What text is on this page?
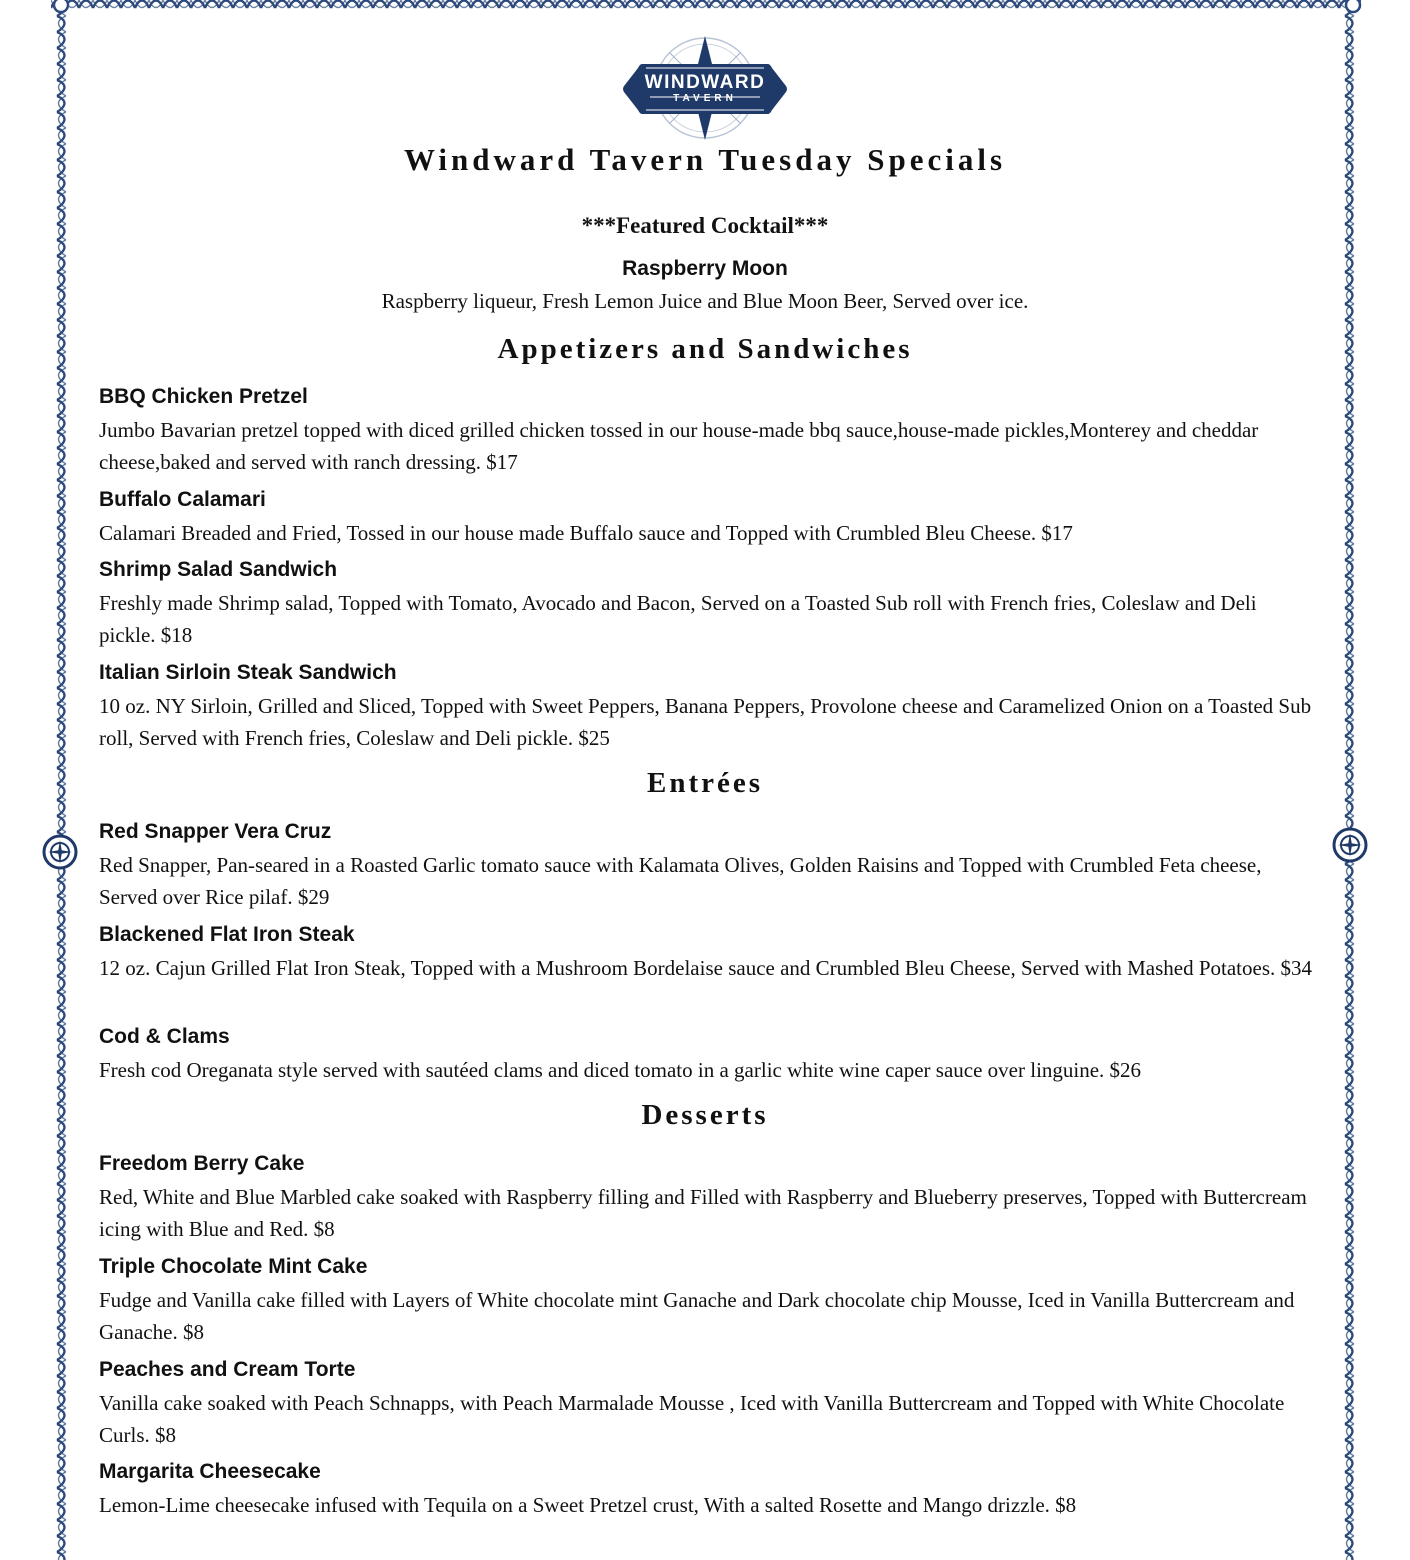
WINDWARD
TAVERN
Windward Tavern Tuesday Specials
***Featured Cocktail***
Raspberry Moon
Raspberry liqueur, Fresh Lemon Juice and Blue Moon Beer, Served over ice.
Appetizers and Sandwiches
BBQ Chicken Pretzel
Jumbo Bavarian pretzel topped with diced grilled chicken tossed in our house-made bbq sauce,house-made pickles,Monterey and cheddar cheese,baked and served with ranch dressing. $17
Buffalo Calamari
Calamari Breaded and Fried, Tossed in our house made Buffalo sauce and Topped with Crumbled Bleu Cheese. $17
Shrimp Salad Sandwich
Freshly made Shrimp salad, Topped with Tomato, Avocado and Bacon, Served on a Toasted Sub roll with French fries, Coleslaw and Deli pickle. $18
Italian Sirloin Steak Sandwich
10 oz. NY Sirloin, Grilled and Sliced, Topped with Sweet Peppers, Banana Peppers, Provolone cheese and Caramelized Onion on a Toasted Sub roll, Served with French fries, Coleslaw and Deli pickle. $25
Entrées
Red Snapper Vera Cruz
Red Snapper, Pan-seared in a Roasted Garlic tomato sauce with Kalamata Olives, Golden Raisins and Topped with Crumbled Feta cheese, Served over Rice pilaf. $29
Blackened Flat Iron Steak
12 oz. Cajun Grilled Flat Iron Steak, Topped with a Mushroom Bordelaise sauce and Crumbled Bleu Cheese, Served with Mashed Potatoes. $34
Cod & Clams
Fresh cod Oreganata style served with sautéed clams and diced tomato in a garlic white wine caper sauce over linguine. $26
Desserts
Freedom Berry Cake
Red, White and Blue Marbled cake soaked with Raspberry filling and Filled with Raspberry and Blueberry preserves, Topped with Buttercream icing with Blue and Red. $8
Triple Chocolate Mint Cake
Fudge and Vanilla cake filled with Layers of White chocolate mint Ganache and Dark chocolate chip Mousse, Iced in Vanilla Buttercream and Ganache. $8
Peaches and Cream Torte
Vanilla cake soaked with Peach Schnapps, with Peach Marmalade Mousse , Iced with Vanilla Buttercream and Topped with White Chocolate Curls. $8
Margarita Cheesecake
Lemon-Lime cheesecake infused with Tequila on a Sweet Pretzel crust, With a salted Rosette and Mango drizzle. $8
